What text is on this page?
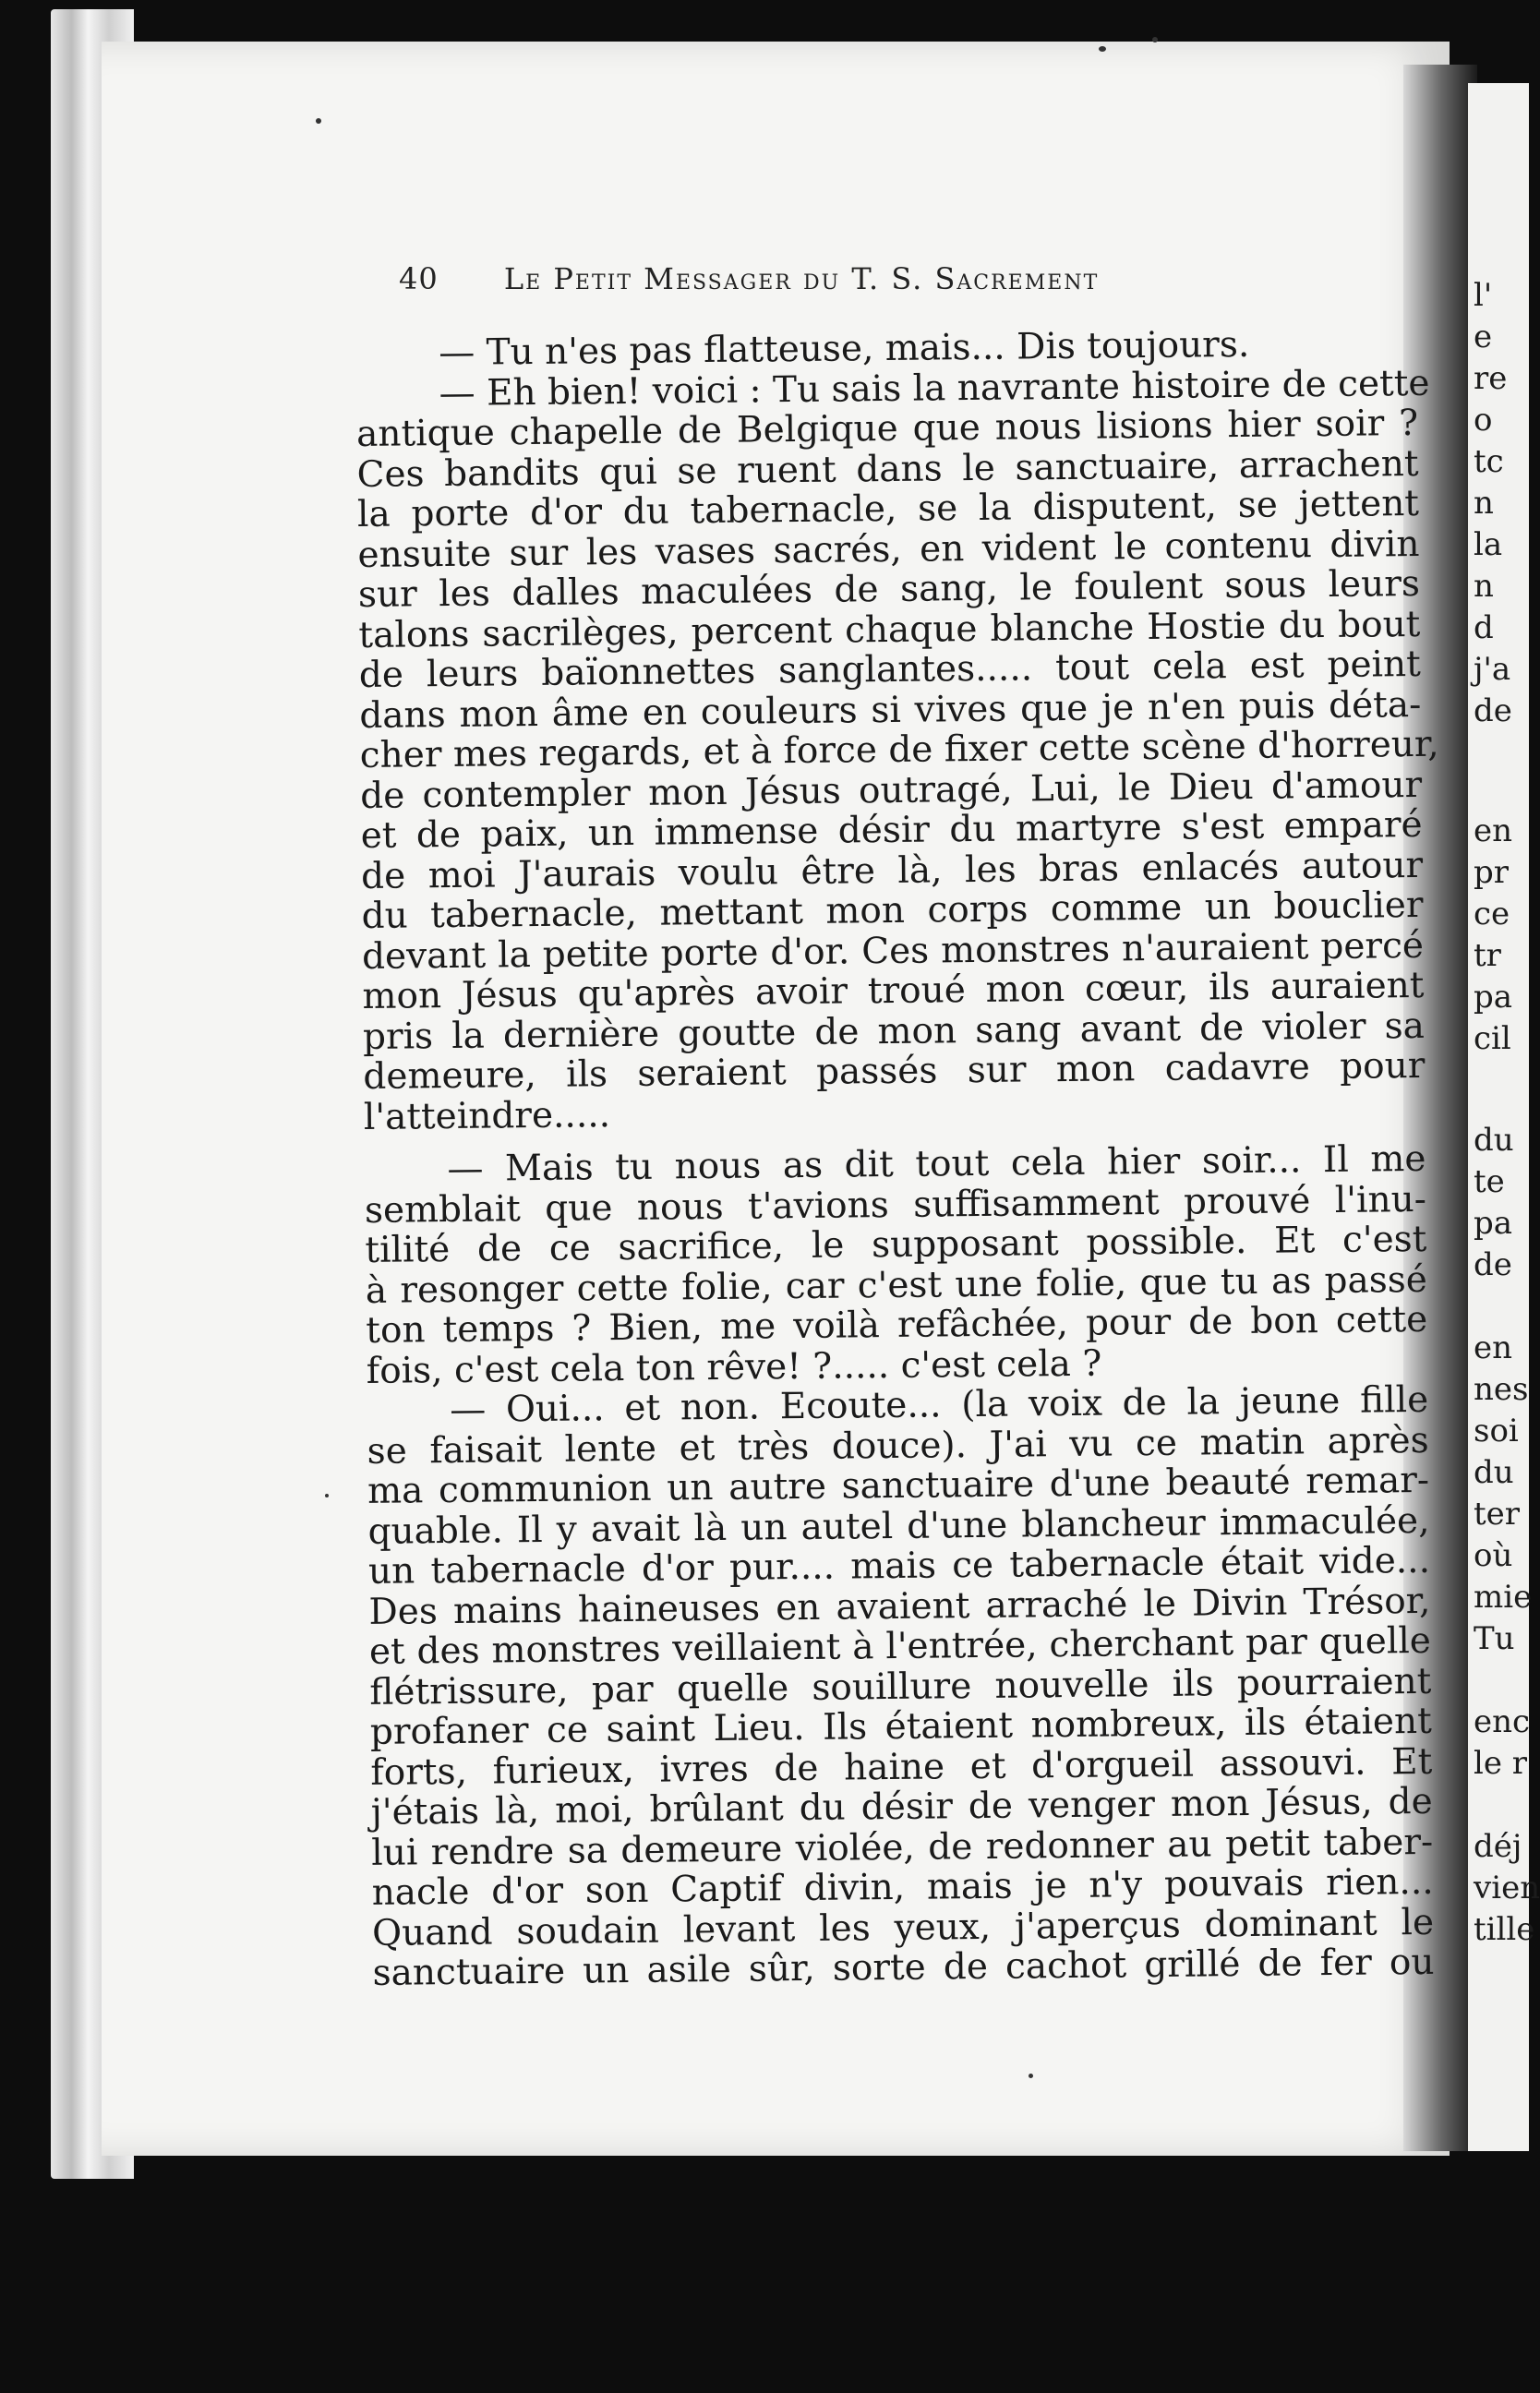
l'
e
re
o
tc
n
la
n
d
j'a
de
en
pr
ce
tr
pa
cil
du
te
pa
de
en
nes
soi
du
ter
où
mie
Tu
enc
le r
déj
vien
tille
40 Le Petit Messager du T. S. Sacrement
— Tu n'es pas flatteuse, mais... Dis toujours.
— Eh bien! voici : Tu sais la navrante histoire de cette
antique chapelle de Belgique que nous lisions hier soir ?
Ces bandits qui se ruent dans le sanctuaire, arrachent
la porte d'or du tabernacle, se la disputent, se jettent
ensuite sur les vases sacrés, en vident le contenu divin
sur les dalles maculées de sang, le foulent sous leurs
talons sacrilèges, percent chaque blanche Hostie du bout
de leurs baïonnettes sanglantes..... tout cela est peint
dans mon âme en couleurs si vives que je n'en puis déta-
cher mes regards, et à force de fixer cette scène d'horreur,
de contempler mon Jésus outragé, Lui, le Dieu d'amour
et de paix, un immense désir du martyre s'est emparé
de moi J'aurais voulu être là, les bras enlacés autour
du tabernacle, mettant mon corps comme un bouclier
devant la petite porte d'or. Ces monstres n'auraient percé
mon Jésus qu'après avoir troué mon cœur, ils auraient
pris la dernière goutte de mon sang avant de violer sa
demeure, ils seraient passés sur mon cadavre pour
l'atteindre.....
— Mais tu nous as dit tout cela hier soir... Il me
semblait que nous t'avions suffisamment prouvé l'inu-
tilité de ce sacrifice, le supposant possible. Et c'est
à resonger cette folie, car c'est une folie, que tu as passé
ton temps ? Bien, me voilà refâchée, pour de bon cette
fois, c'est cela ton rêve! ?..... c'est cela ?
— Oui... et non. Ecoute... (la voix de la jeune fille
se faisait lente et très douce). J'ai vu ce matin après
ma communion un autre sanctuaire d'une beauté remar-
quable. Il y avait là un autel d'une blancheur immaculée,
un tabernacle d'or pur.... mais ce tabernacle était vide...
Des mains haineuses en avaient arraché le Divin Trésor,
et des monstres veillaient à l'entrée, cherchant par quelle
flétrissure, par quelle souillure nouvelle ils pourraient
profaner ce saint Lieu. Ils étaient nombreux, ils étaient
forts, furieux, ivres de haine et d'orgueil assouvi. Et
j'étais là, moi, brûlant du désir de venger mon Jésus, de
lui rendre sa demeure violée, de redonner au petit taber-
nacle d'or son Captif divin, mais je n'y pouvais rien...
Quand soudain levant les yeux, j'aperçus dominant le
sanctuaire un asile sûr, sorte de cachot grillé de fer ou
